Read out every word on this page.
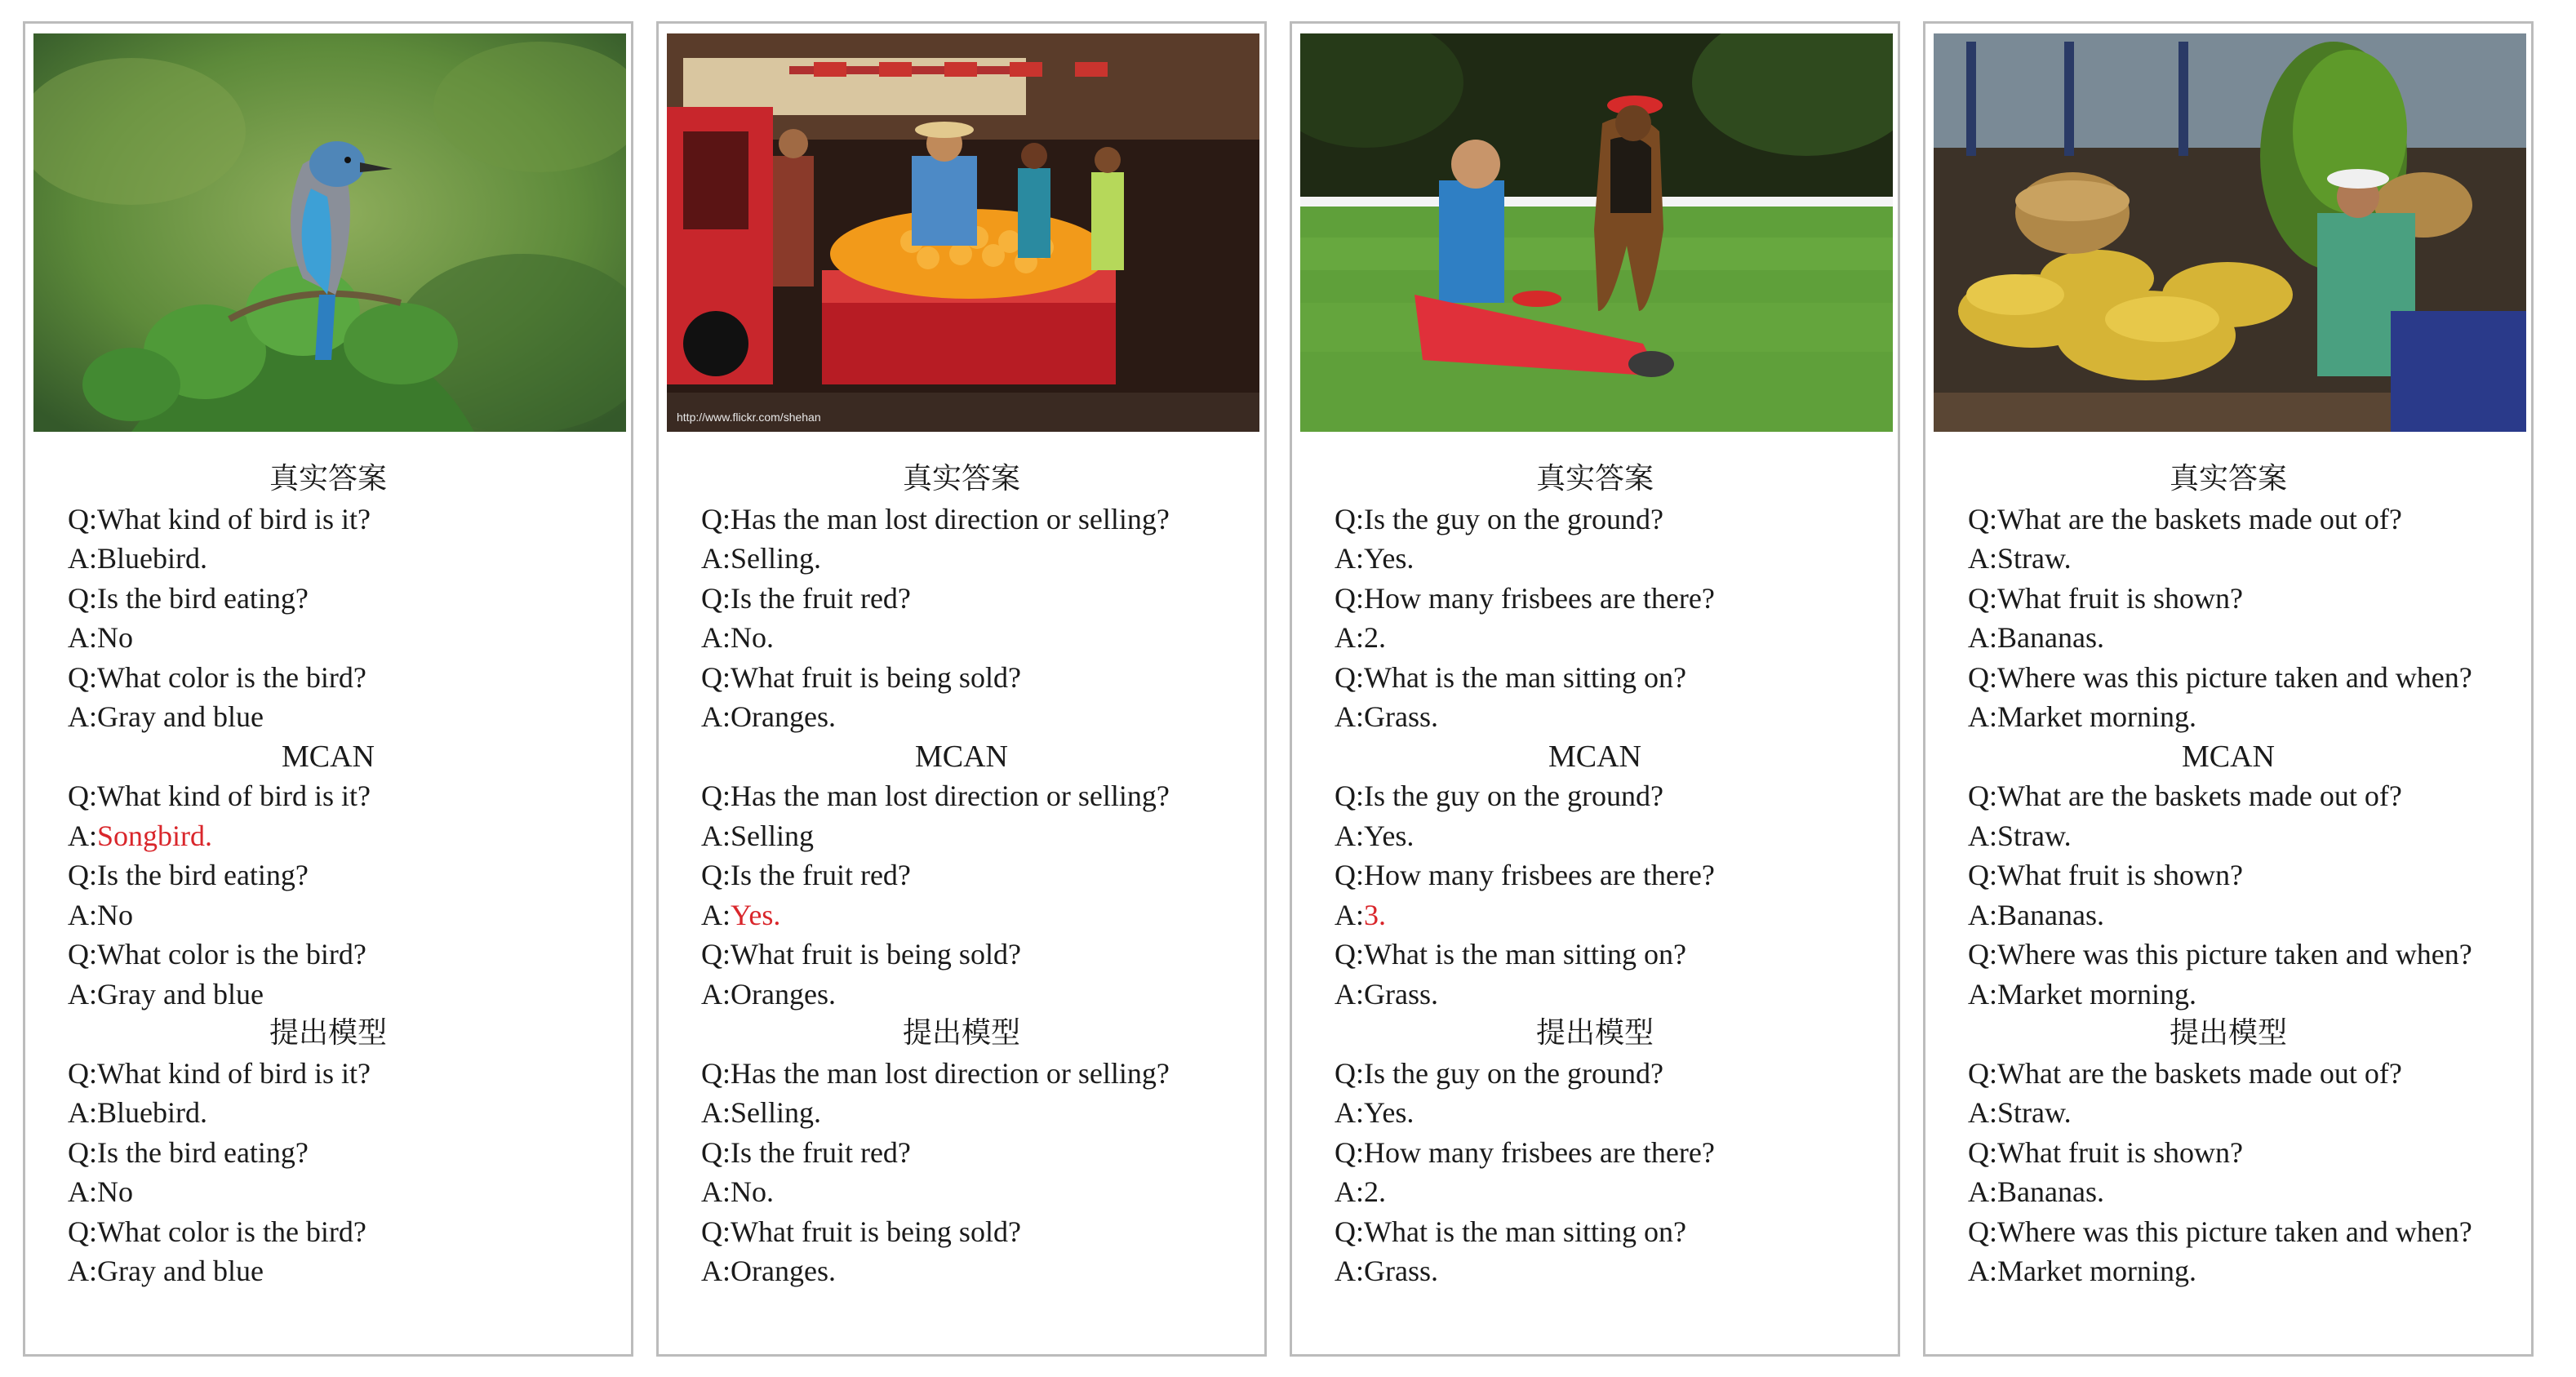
真实答案
Q:What kind of bird is it?
A:Bluebird.
Q:Is the bird eating?
A:No
Q:What color is the bird?
A:Gray and blue
MCAN
Q:What kind of bird is it?
A:Songbird.
Q:Is the bird eating?
A:No
Q:What color is the bird?
A:Gray and blue
提出模型
Q:What kind of bird is it?
A:Bluebird.
Q:Is the bird eating?
A:No
Q:What color is the bird?
A:Gray and blue
http://www.flickr.com/shehan
真实答案
Q:Has the man lost direction or selling?
A:Selling.
Q:Is the fruit red?
A:No.
Q:What fruit is being sold?
A:Oranges.
MCAN
Q:Has the man lost direction or selling?
A:Selling
Q:Is the fruit red?
A:Yes.
Q:What fruit is being sold?
A:Oranges.
提出模型
Q:Has the man lost direction or selling?
A:Selling.
Q:Is the fruit red?
A:No.
Q:What fruit is being sold?
A:Oranges.
真实答案
Q:Is the guy on the ground?
A:Yes.
Q:How many frisbees are there?
A:2.
Q:What is the man sitting on?
A:Grass.
MCAN
Q:Is the guy on the ground?
A:Yes.
Q:How many frisbees are there?
A:3.
Q:What is the man sitting on?
A:Grass.
提出模型
Q:Is the guy on the ground?
A:Yes.
Q:How many frisbees are there?
A:2.
Q:What is the man sitting on?
A:Grass.
真实答案
Q:What are the baskets made out of?
A:Straw.
Q:What fruit is shown?
A:Bananas.
Q:Where was this picture taken and when?
A:Market morning.
MCAN
Q:What are the baskets made out of?
A:Straw.
Q:What fruit is shown?
A:Bananas.
Q:Where was this picture taken and when?
A:Market morning.
提出模型
Q:What are the baskets made out of?
A:Straw.
Q:What fruit is shown?
A:Bananas.
Q:Where was this picture taken and when?
A:Market morning.
